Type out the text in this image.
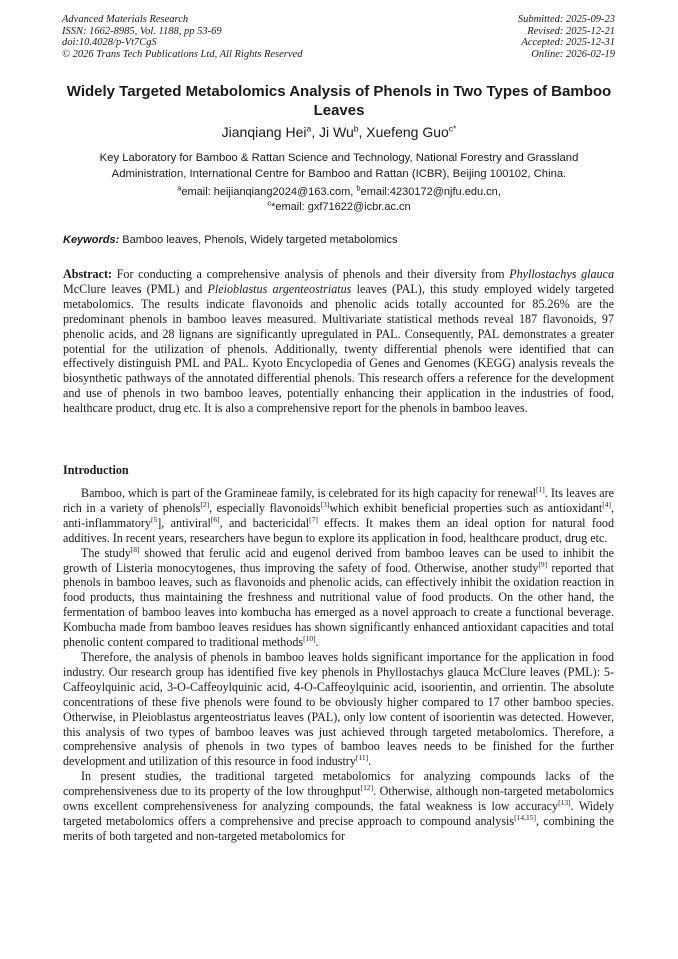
Advanced Materials Research
ISSN: 1662-8985, Vol. 1188, pp 53-69
doi:10.4028/p-Vt7CgS
© 2026 Trans Tech Publications Ltd, All Rights Reserved
Submitted: 2025-09-23
Revised: 2025-12-21
Accepted: 2025-12-31
Online: 2026-02-19
Widely Targeted Metabolomics Analysis of Phenols in Two Types of Bamboo Leaves
Jianqiang Hei$^a$, Ji Wu$^b$, Xuefeng Guo$^{c*}$
Key Laboratory for Bamboo & Rattan Science and Technology, National Forestry and Grassland Administration, International Centre for Bamboo and Rattan (ICBR), Beijing 100102, China.
$^a$email: heijianqiang2024@163.com, $^b$email:4230172@njfu.edu.cn,
$^c$*email: gxf71622@icbr.ac.cn
Keywords: Bamboo leaves, Phenols, Widely targeted metabolomics

Abstract: For conducting a comprehensive analysis of phenols and their diversity from Phyllostachys glauca McClure leaves (PML) and Pleioblastus argenteostriatus leaves (PAL), this study employed widely targeted metabolomics. The results indicate flavonoids and phenolic acids totally accounted for 85.26% are the predominant phenols in bamboo leaves measured. Multivariate statistical methods reveal 187 flavonoids, 97 phenolic acids, and 28 lignans are significantly upregulated in PAL. Consequently, PAL demonstrates a greater potential for the utilization of phenols. Additionally, twenty differential phenols were identified that can effectively distinguish PML and PAL. Kyoto Encyclopedia of Genes and Genomes (KEGG) analysis reveals the biosynthetic pathways of the annotated differential phenols. This research offers a reference for the development and use of phenols in two bamboo leaves, potentially enhancing their application in the industries of food, healthcare product, drug etc. It is also a comprehensive report for the phenols in bamboo leaves.

Introduction

Bamboo, which is part of the Gramineae family, is celebrated for its high capacity for renewal[1]. Its leaves are rich in a variety of phenols[2], especially flavonoids[3]which exhibit beneficial properties such as antioxidant[4], anti-inflammatory$^{[5}$], antiviral[6], and bactericidal[7] effects. It makes them an ideal option for natural food additives. In recent years, researchers have begun to explore its application in food, healthcare product, drug etc.

The study[8] showed that ferulic acid and eugenol derived from bamboo leaves can be used to inhibit the growth of Listeria monocytogenes, thus improving the safety of food. Otherwise, another study[9] reported that phenols in bamboo leaves, such as flavonoids and phenolic acids, can effectively inhibit the oxidation reaction in food products, thus maintaining the freshness and nutritional value of food products. On the other hand, the fermentation of bamboo leaves into kombucha has emerged as a novel approach to create a functional beverage. Kombucha made from bamboo leaves residues has shown significantly enhanced antioxidant capacities and total phenolic content compared to traditional methods[10].

Therefore, the analysis of phenols in bamboo leaves holds significant importance for the application in food industry. Our research group has identified five key phenols in Phyllostachys glauca McClure leaves (PML): 5-Caffeoylquinic acid, 3-O-Caffeoylquinic acid, 4-O-Caffeoylquinic acid, isoorientin, and orrientin. The absolute concentrations of these five phenols were found to be obviously higher compared to 17 other bamboo species. Otherwise, in Pleioblastus argenteostriatus leaves (PAL), only low content of isoorientin was detected. However, this analysis of two types of bamboo leaves was just achieved through targeted metabolomics. Therefore, a comprehensive analysis of phenols in two types of bamboo leaves needs to be finished for the further development and utilization of this resource in food industry[11].

In present studies, the traditional targeted metabolomics for analyzing compounds lacks of the comprehensiveness due to its property of the low throughput[12]. Otherwise, although non-targeted metabolomics owns excellent comprehensiveness for analyzing compounds, the fatal weakness is low accuracy[13]. Widely targeted metabolomics offers a comprehensive and precise approach to compound analysis[14,15], combining the merits of both targeted and non-targeted metabolomics for
